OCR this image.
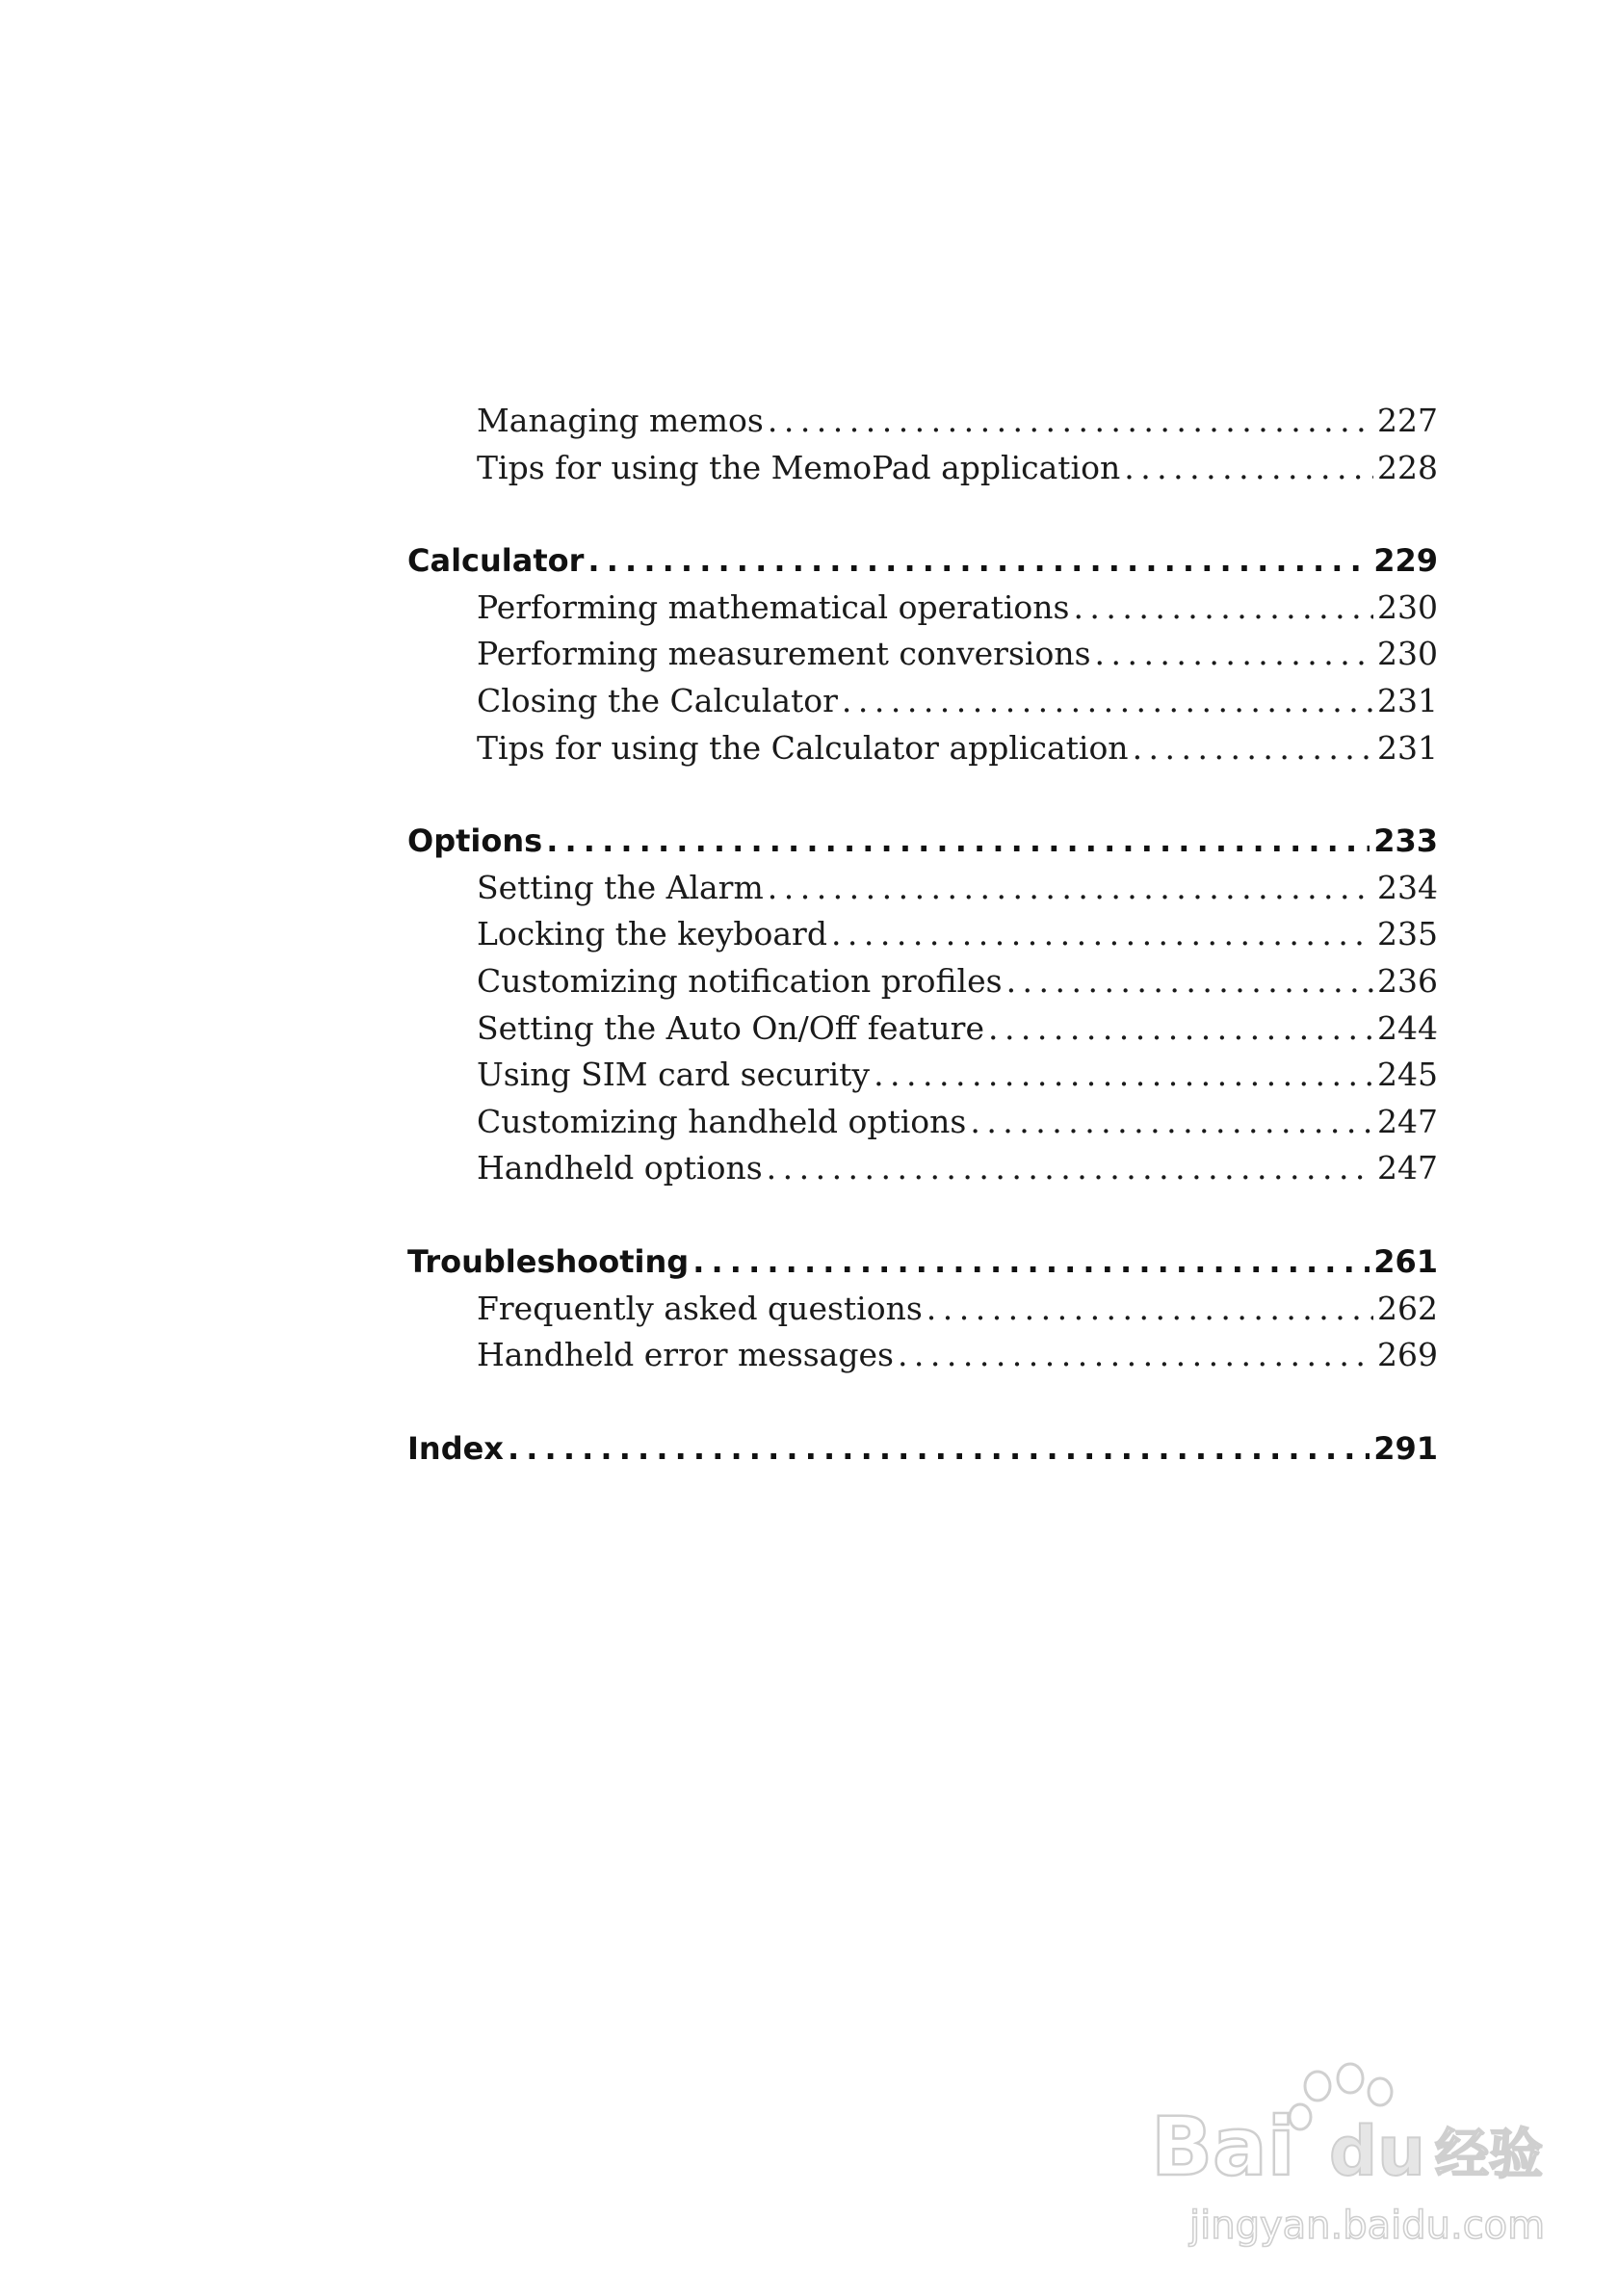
Managing memos . . .	227
Tips for using the MemoPad application . . .	228
Calculator . . .	229
Performing mathematical operations . . .	230
Performing measurement conversions . . .	230
Closing the Calculator . . .	231
Tips for using the Calculator application . . .	231
Options . . .	233
Setting the Alarm . . .	234
Locking the keyboard . . .	235
Customizing notification profiles . . .	236
Setting the Auto On/Off feature . . .	244
Using SIM card security . . .	245
Customizing handheld options . . .	247
Handheld options . . .	247
Troubleshooting . . .	261
Frequently asked questions . . .	262
Handheld error messages . . .	269
Index . . .	291
Bai du 经验
jingyan.baidu.com
